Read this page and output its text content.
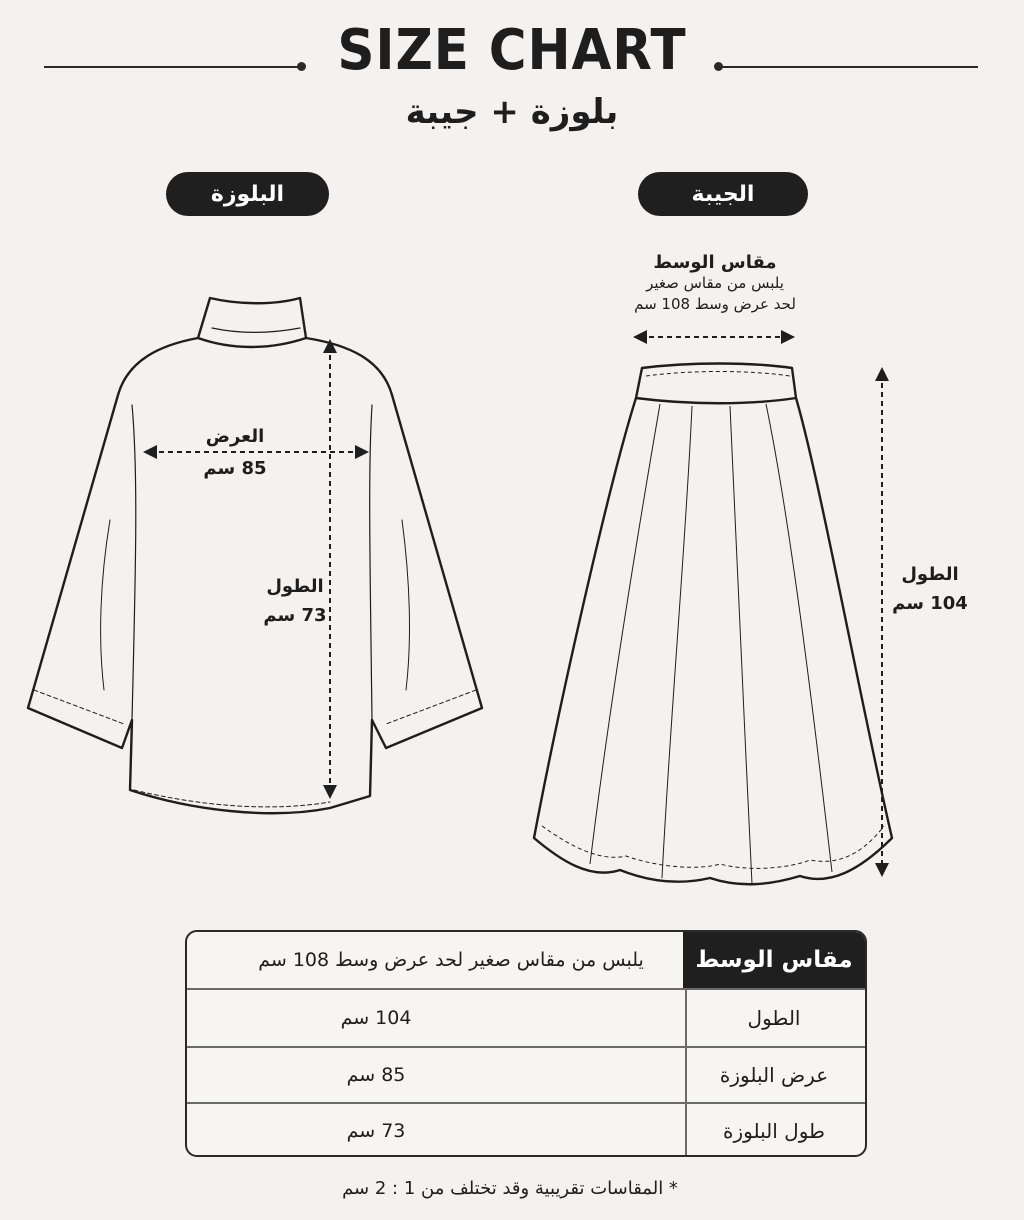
SIZE CHART
بلوزة + جيبة
البلوزة	الجيبة
العرض
85 سم
الطول
73 سم
مقاس الوسط
يلبس من مقاس صغير
لحد عرض وسط 108 سم
الطول
104 سم
مقاس الوسط
يلبس من مقاس صغير لحد عرض وسط 108 سم
الطول
104 سم
عرض البلوزة
85 سم
طول البلوزة
73 سم
* المقاسات تقريبية وقد تختلف من 1 : 2 سم
